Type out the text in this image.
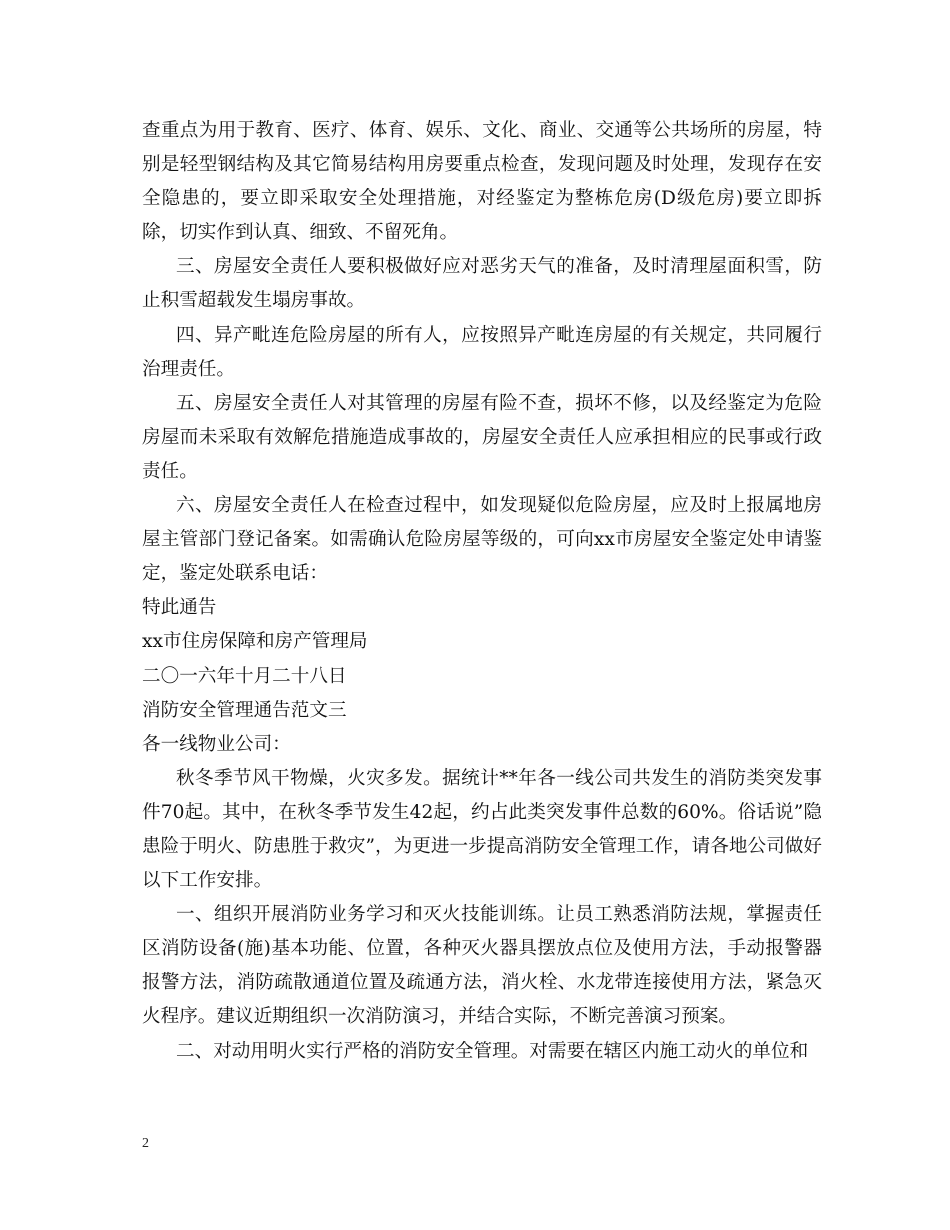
查重点为用于教育、医疗、体育、娱乐、文化、商业、交通等公共场所的房屋，特别是轻型钢结构及其它简易结构用房要重点检查，发现问题及时处理，发现存在安全隐患的，要立即采取安全处理措施，对经鉴定为整栋危房(D级危房)要立即拆除，切实作到认真、细致、不留死角。

三、房屋安全责任人要积极做好应对恶劣天气的准备，及时清理屋面积雪，防止积雪超载发生塌房事故。

四、异产毗连危险房屋的所有人，应按照异产毗连房屋的有关规定，共同履行治理责任。

五、房屋安全责任人对其管理的房屋有险不查，损坏不修，以及经鉴定为危险房屋而未采取有效解危措施造成事故的，房屋安全责任人应承担相应的民事或行政责任。

六、房屋安全责任人在检查过程中，如发现疑似危险房屋，应及时上报属地房屋主管部门登记备案。如需确认危险房屋等级的，可向xx市房屋安全鉴定处申请鉴定，鉴定处联系电话：

特此通告

xx市住房保障和房产管理局

二〇一六年十月二十八日

消防安全管理通告范文三

各一线物业公司：

秋冬季节风干物燥，火灾多发。据统计**年各一线公司共发生的消防类突发事件70起。其中，在秋冬季节发生42起，约占此类突发事件总数的60%。俗话说”隐患险于明火、防患胜于救灾”，为更进一步提高消防安全管理工作，请各地公司做好以下工作安排。

一、组织开展消防业务学习和灭火技能训练。让员工熟悉消防法规，掌握责任区消防设备(施)基本功能、位置，各种灭火器具摆放点位及使用方法，手动报警器报警方法，消防疏散通道位置及疏通方法，消火栓、水龙带连接使用方法，紧急灭火程序。建议近期组织一次消防演习，并结合实际，不断完善演习预案。

二、对动用明火实行严格的消防安全管理。对需要在辖区内施工动火的单位和

2
